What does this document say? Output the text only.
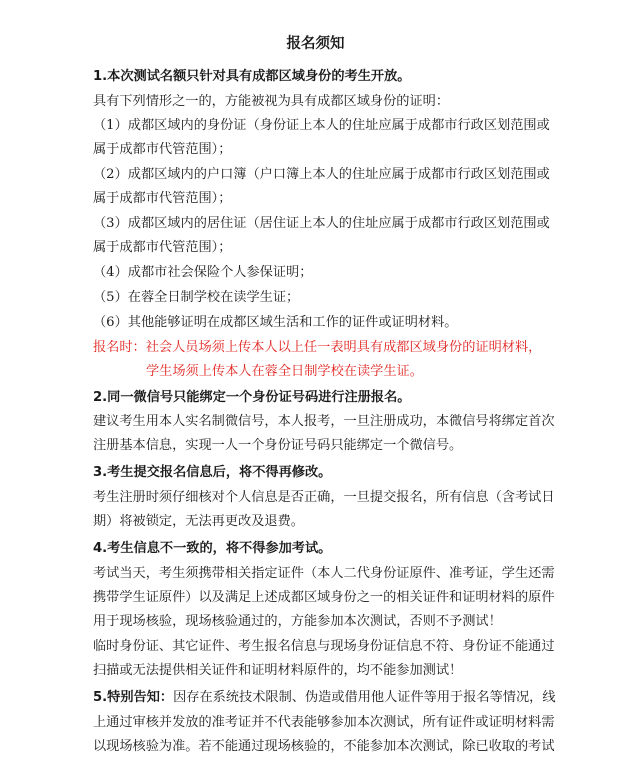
报名须知
1.本次测试名额只针对具有成都区域身份的考生开放。
具有下列情形之一的，方能被视为具有成都区域身份的证明：
（1）成都区域内的身份证（身份证上本人的住址应属于成都市行政区划范围或
属于成都市代管范围）；
（2）成都区域内的户口簿（户口簿上本人的住址应属于成都市行政区划范围或
属于成都市代管范围）；
（3）成都区域内的居住证（居住证上本人的住址应属于成都市行政区划范围或
属于成都市代管范围）；
（4）成都市社会保险个人参保证明；
（5）在蓉全日制学校在读学生证；
（6）其他能够证明在成都区域生活和工作的证件或证明材料。
报名时：社会人员场须上传本人以上任一表明具有成都区域身份的证明材料，
学生场须上传本人在蓉全日制学校在读学生证。
2.同一微信号只能绑定一个身份证号码进行注册报名。
建议考生用本人实名制微信号，本人报考，一旦注册成功，本微信号将绑定首次
注册基本信息，实现一人一个身份证号码只能绑定一个微信号。
3.考生提交报名信息后，将不得再修改。
考生注册时须仔细核对个人信息是否正确，一旦提交报名，所有信息（含考试日
期）将被锁定，无法再更改及退费。
4.考生信息不一致的，将不得参加考试。
考试当天，考生须携带相关指定证件（本人二代身份证原件、准考证，学生还需
携带学生证原件）以及满足上述成都区域身份之一的相关证件和证明材料的原件
用于现场核验，现场核验通过的，方能参加本次测试，否则不予测试！
临时身份证、其它证件、考生报名信息与现场身份证信息不符、身份证不能通过
扫描或无法提供相关证件和证明材料原件的，均不能参加测试！
5.特别告知：因存在系统技术限制、伪造或借用他人证件等用于报名等情况，线
上通过审核并发放的准考证并不代表能够参加本次测试，所有证件或证明材料需
以现场核验为准。若不能通过现场核验的，不能参加本次测试，除已收取的考试
